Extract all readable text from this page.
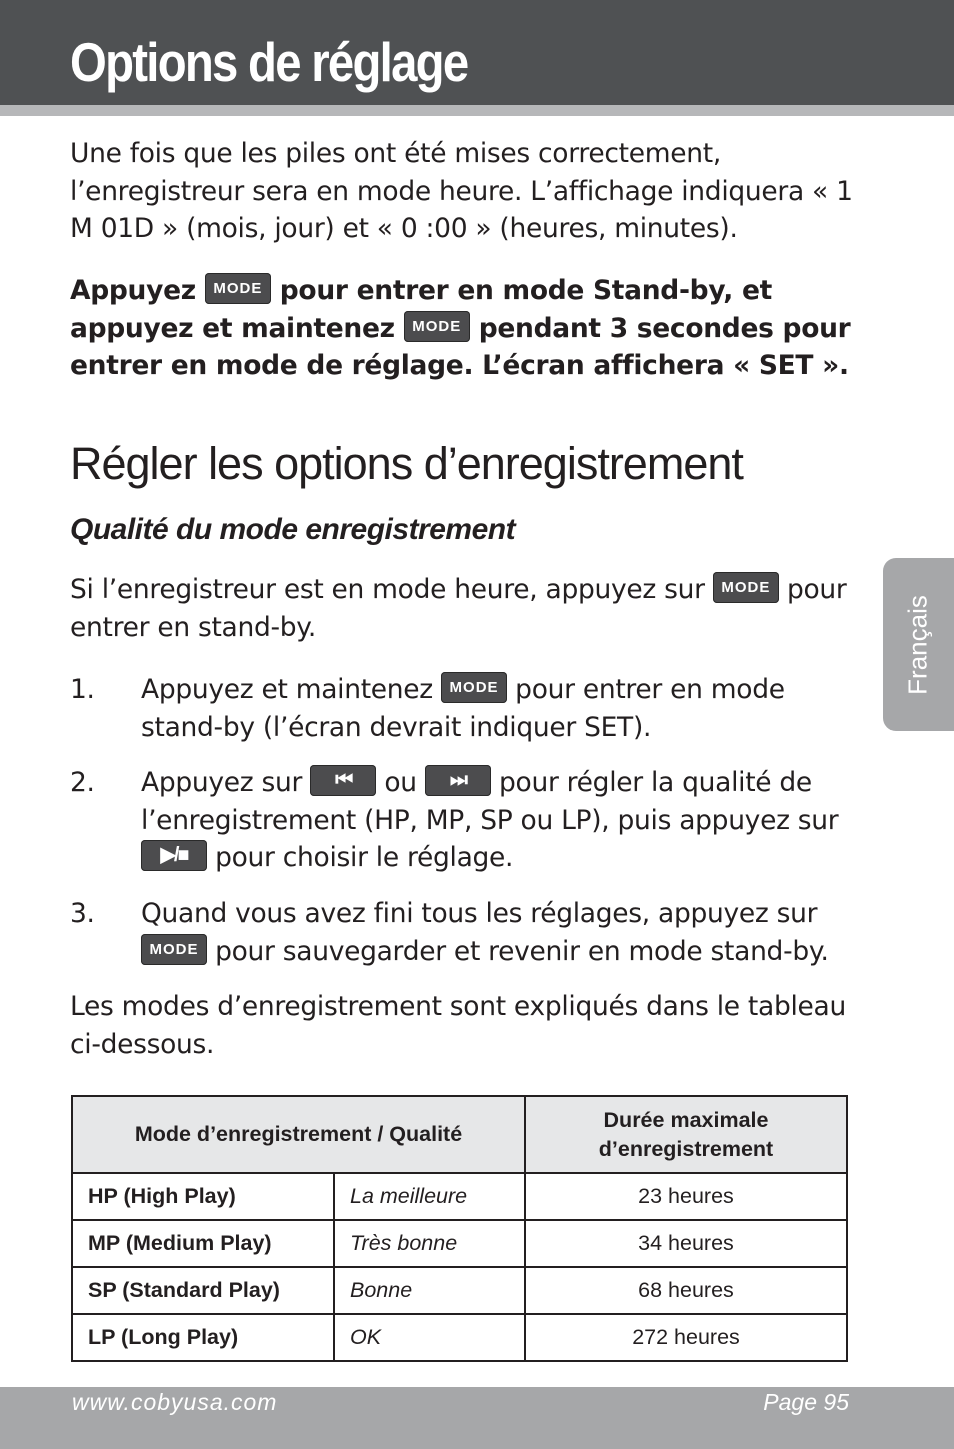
Options de réglage
Une fois que les piles ont été mises correctement, l’enregistreur sera en mode heure. L’affichage indiquera « 1 M 01D » (mois, jour) et « 0 :00 » (heures, minutes).
Appuyez MODE pour entrer en mode Stand-by, et appuyez et maintenez MODE pendant 3 secondes pour entrer en mode de réglage. L’écran affichera « SET ».
Régler les options d’enregistrement
Qualité du mode enregistrement
Si l’enregistreur est en mode heure, appuyez sur MODE pour entrer en stand-by.
1. Appuyez et maintenez MODE pour entrer en mode stand-by (l’écran devrait indiquer SET).
2. Appuyez sur ⏮ ou ⏭ pour régler la qualité de l’enregistrement (HP, MP, SP ou LP), puis appuyez sur ▶/■ pour choisir le réglage.
3. Quand vous avez fini tous les réglages, appuyez sur MODE pour sauvegarder et revenir en mode stand-by.
Les modes d’enregistrement sont expliqués dans le tableau ci-dessous.
Mode d’enregistrement / Qualité		Durée maximale d’enregistrement
HP (High Play)	La meilleure	23 heures
MP (Medium Play)	Très bonne	34 heures
SP (Standard Play)	Bonne	68 heures
LP (Long Play)	OK	272 heures
Français
www.cobyusa.com	Page 95
